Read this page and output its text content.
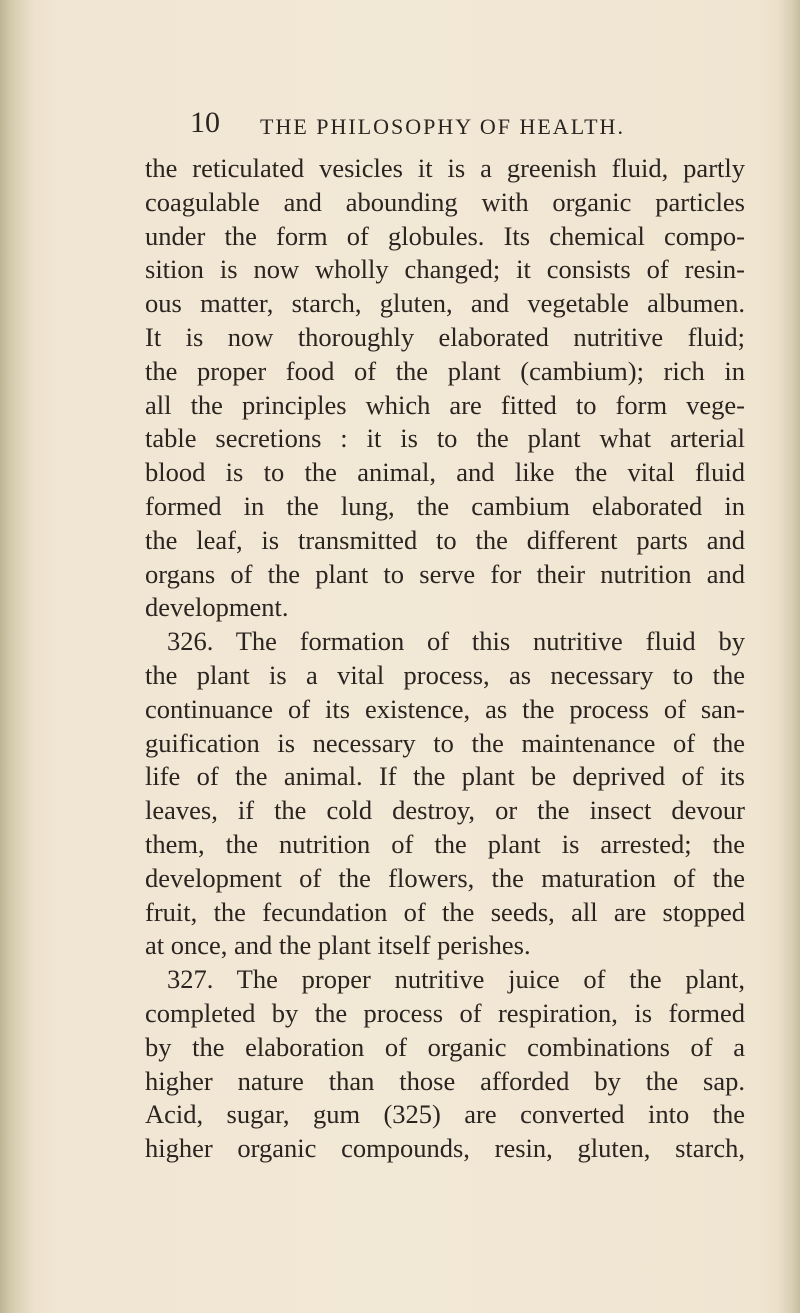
10 THE PHILOSOPHY OF HEALTH.
the reticulated vesicles it is a greenish fluid, partly
coagulable and abounding with organic particles
under the form of globules. Its chemical compo-
sition is now wholly changed; it consists of resin-
ous matter, starch, gluten, and vegetable albumen.
It is now thoroughly elaborated nutritive fluid;
the proper food of the plant (cambium); rich in
all the principles which are fitted to form vege-
table secretions : it is to the plant what arterial
blood is to the animal, and like the vital fluid
formed in the lung, the cambium elaborated in
the leaf, is transmitted to the different parts and
organs of the plant to serve for their nutrition and
development.
326. The formation of this nutritive fluid by
the plant is a vital process, as necessary to the
continuance of its existence, as the process of san-
guification is necessary to the maintenance of the
life of the animal. If the plant be deprived of its
leaves, if the cold destroy, or the insect devour
them, the nutrition of the plant is arrested; the
development of the flowers, the maturation of the
fruit, the fecundation of the seeds, all are stopped
at once, and the plant itself perishes.
327. The proper nutritive juice of the plant,
completed by the process of respiration, is formed
by the elaboration of organic combinations of a
higher nature than those afforded by the sap.
Acid, sugar, gum (325) are converted into the
higher organic compounds, resin, gluten, starch,
